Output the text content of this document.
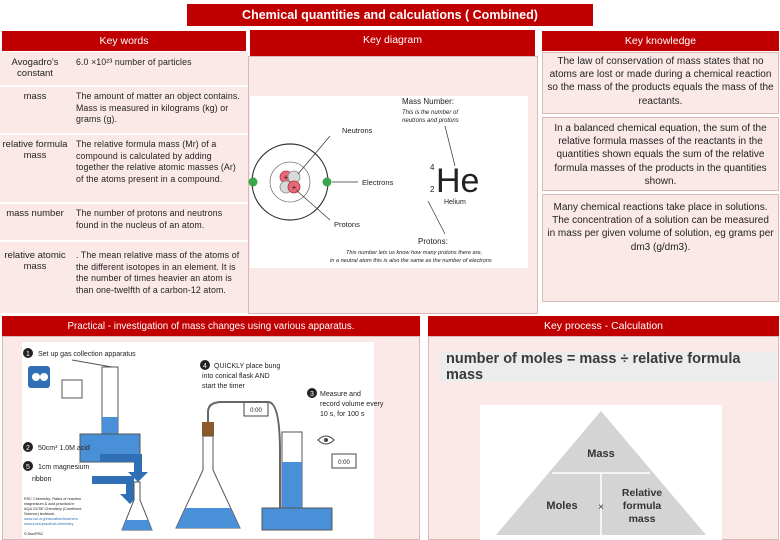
Chemical quantities and calculations ( Combined)
Key words
Avogadro's constant
6.0 ×10²³ number of particles
mass	The amount of matter an object contains. Mass is measured in kilograms (kg) or grams (g).
relative formula mass
The relative formula mass (Mr) of a compound is calculated by adding together the relative atomic masses (Ar) of the atoms present in a compound.
mass number	The number of protons and neutrons found in the nucleus of an atom.
relative atomic mass
. The mean relative mass of the atoms of the different isotopes in an element. It is the number of times heavier an atom is than one-twelfth of a carbon-12 atom.
Key diagram
+
+
Neutrons
Electrons
Protons
Mass Number:
This is the number of
neutrons and protons
4
2 He
Helium
Protons:
This number lets us know how many protons there are,
in a neutral atom this is also the same as the number of electrons
Key knowledge
The law of conservation of mass states that no atoms are lost or made during a chemical reaction so the mass of the products equals the mass of the reactants.
In a balanced chemical equation, the sum of the relative formula masses of the reactants in the quantities shown equals the sum of the relative formula masses of the products in the quantities shown.
Many chemical reactions take place in solutions. The concentration of a solution can be measured in mass per given volume of solution, eg grams per dm3 (g/dm3).
Practical - investigation of mass changes using various apparatus.
1 Set up gas collection apparatus
2 50cm³ 1.0M acid
5 1cm magnesium
ribbon
RSC Chemistry: Rates of reaction
magnesium & acid practical in
AQA GCSE Chemistry (Combined
Science) textbook.
www.rsc.org/education/teachers
resources/practical-chemistry
©Jisc/RSC
4 QUICKLY place bung
into conical flask AND
start the timer
0:00
3 Measure and
record volume every
10 s, for 100 s
0:00
Key process - Calculation
number of moles = mass ÷ relative formula mass
Mass
Moles ×
Relative
formula
mass
